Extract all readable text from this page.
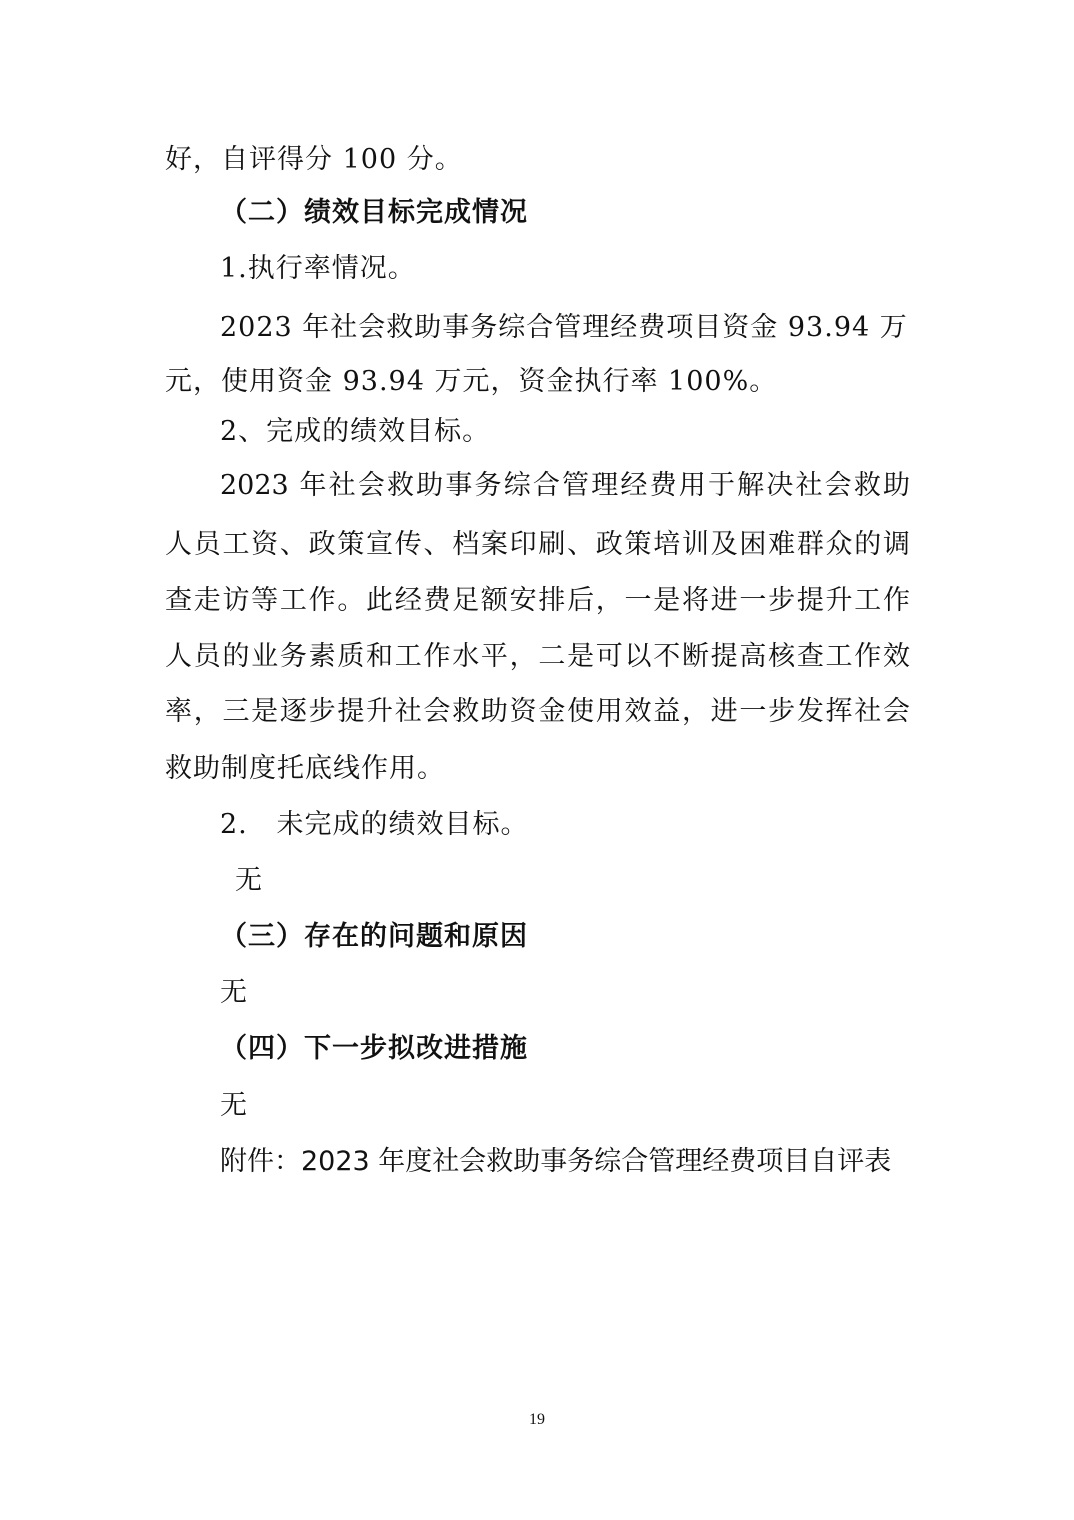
好，自评得分 100 分。
（二）绩效目标完成情况
1.执行率情况。
2023 年社会救助事务综合管理经费项目资金 93.94 万
元，使用资金 93.94 万元，资金执行率 100%。
2、完成的绩效目标。
2023 年社会救助事务综合管理经费用于解决社会救助
人员工资、政策宣传、档案印刷、政策培训及困难群众的调
查走访等工作。此经费足额安排后，一是将进一步提升工作
人员的业务素质和工作水平，二是可以不断提高核查工作效
率，三是逐步提升社会救助资金使用效益，进一步发挥社会
救助制度托底线作用。
2.   未完成的绩效目标。
无
（三）存在的问题和原因
无
（四）下一步拟改进措施
无
附件：2023 年度社会救助事务综合管理经费项目自评表
19
